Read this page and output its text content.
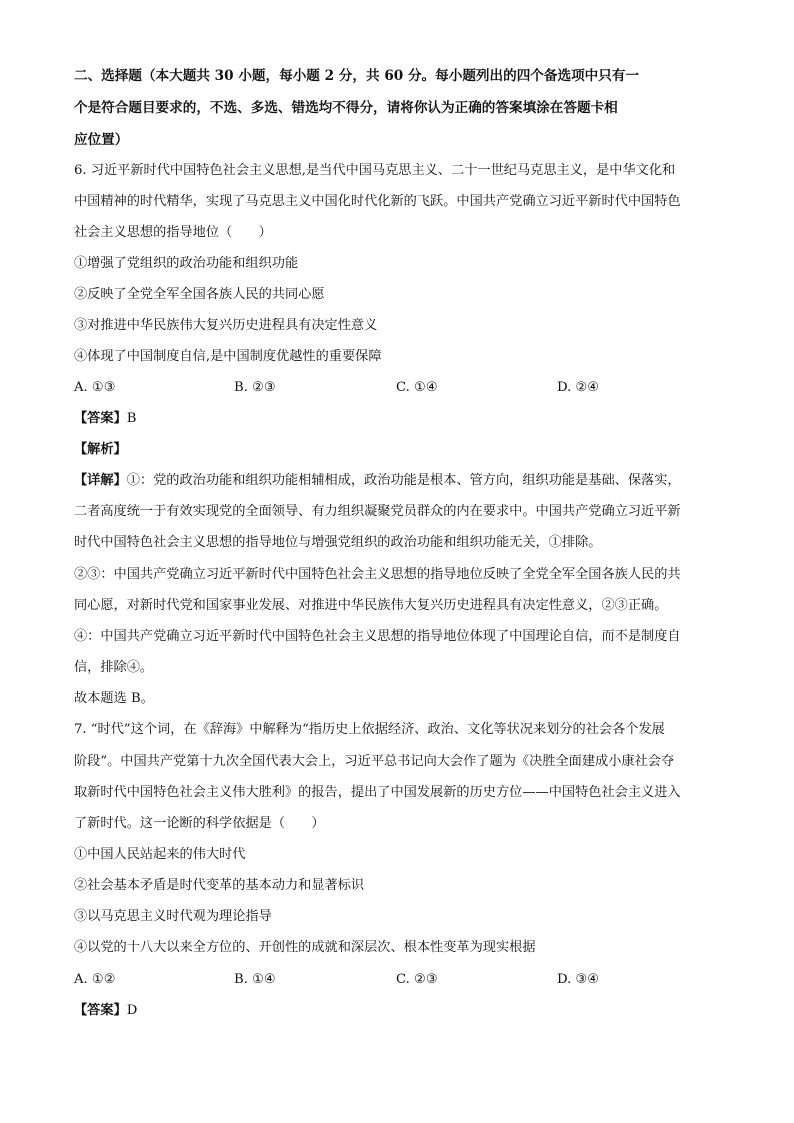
二、选择题（本大题共 30 小题，每小题 2 分，共 60 分。每小题列出的四个备选项中只有一
个是符合题目要求的，不选、多选、错选均不得分，请将你认为正确的答案填涂在答题卡相
应位置）
6. 习近平新时代中国特色社会主义思想,是当代中国马克思主义、二十一世纪马克思主义，是中华文化和
中国精神的时代精华，实现了马克思主义中国化时代化新的飞跃。中国共产党确立习近平新时代中国特色
社会主义思想的指导地位（　　）
①增强了党组织的政治功能和组织功能
②反映了全党全军全国各族人民的共同心愿
③对推进中华民族伟大复兴历史进程具有决定性意义
④体现了中国制度自信,是中国制度优越性的重要保障
A. ①③	B. ②③	C. ①④	D. ②④
【答案】B
【解析】
【详解】①：党的政治功能和组织功能相辅相成，政治功能是根本、管方向，组织功能是基础、保落实，
二者高度统一于有效实现党的全面领导、有力组织凝聚党员群众的内在要求中。中国共产党确立习近平新
时代中国特色社会主义思想的指导地位与增强党组织的政治功能和组织功能无关，①排除。
②③：中国共产党确立习近平新时代中国特色社会主义思想的指导地位反映了全党全军全国各族人民的共
同心愿，对新时代党和国家事业发展、对推进中华民族伟大复兴历史进程具有决定性意义，②③正确。
④：中国共产党确立习近平新时代中国特色社会主义思想的指导地位体现了中国理论自信，而不是制度自
信，排除④。
故本题选 B。
7. “时代”这个词，在《辞海》中解释为“指历史上依据经济、政治、文化等状况来划分的社会各个发展
阶段”。中国共产党第十九次全国代表大会上，习近平总书记向大会作了题为《决胜全面建成小康社会夺
取新时代中国特色社会主义伟大胜利》的报告，提出了中国发展新的历史方位——中国特色社会主义进入
了新时代。这一论断的科学依据是（　　）
①中国人民站起来的伟大时代
②社会基本矛盾是时代变革的基本动力和显著标识
③以马克思主义时代观为理论指导
④以党的十八大以来全方位的、开创性的成就和深层次、根本性变革为现实根据
A. ①②	B. ①④	C. ②③	D. ③④
【答案】D
